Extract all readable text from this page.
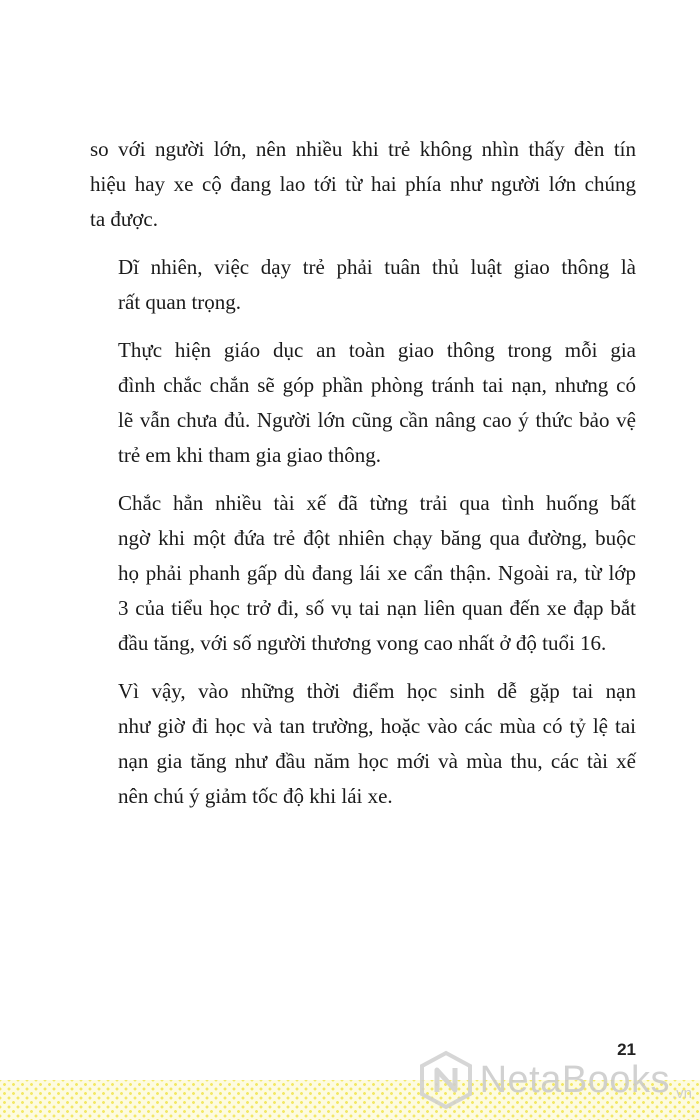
so với người lớn, nên nhiều khi trẻ không nhìn thấy đèn tín
hiệu hay xe cộ đang lao tới từ hai phía như người lớn chúng
ta được.

Dĩ nhiên, việc dạy trẻ phải tuân thủ luật giao thông là
rất quan trọng.

Thực hiện giáo dục an toàn giao thông trong mỗi gia
đình chắc chắn sẽ góp phần phòng tránh tai nạn, nhưng có
lẽ vẫn chưa đủ. Người lớn cũng cần nâng cao ý thức bảo vệ
trẻ em khi tham gia giao thông.

Chắc hẳn nhiều tài xế đã từng trải qua tình huống bất
ngờ khi một đứa trẻ đột nhiên chạy băng qua đường, buộc
họ phải phanh gấp dù đang lái xe cẩn thận. Ngoài ra, từ lớp
3 của tiểu học trở đi, số vụ tai nạn liên quan đến xe đạp bắt
đầu tăng, với số người thương vong cao nhất ở độ tuổi 16.

Vì vậy, vào những thời điểm học sinh dễ gặp tai nạn
như giờ đi học và tan trường, hoặc vào các mùa có tỷ lệ tai
nạn gia tăng như đầu năm học mới và mùa thu, các tài xế
nên chú ý giảm tốc độ khi lái xe.

21
NetaBooks .vn
